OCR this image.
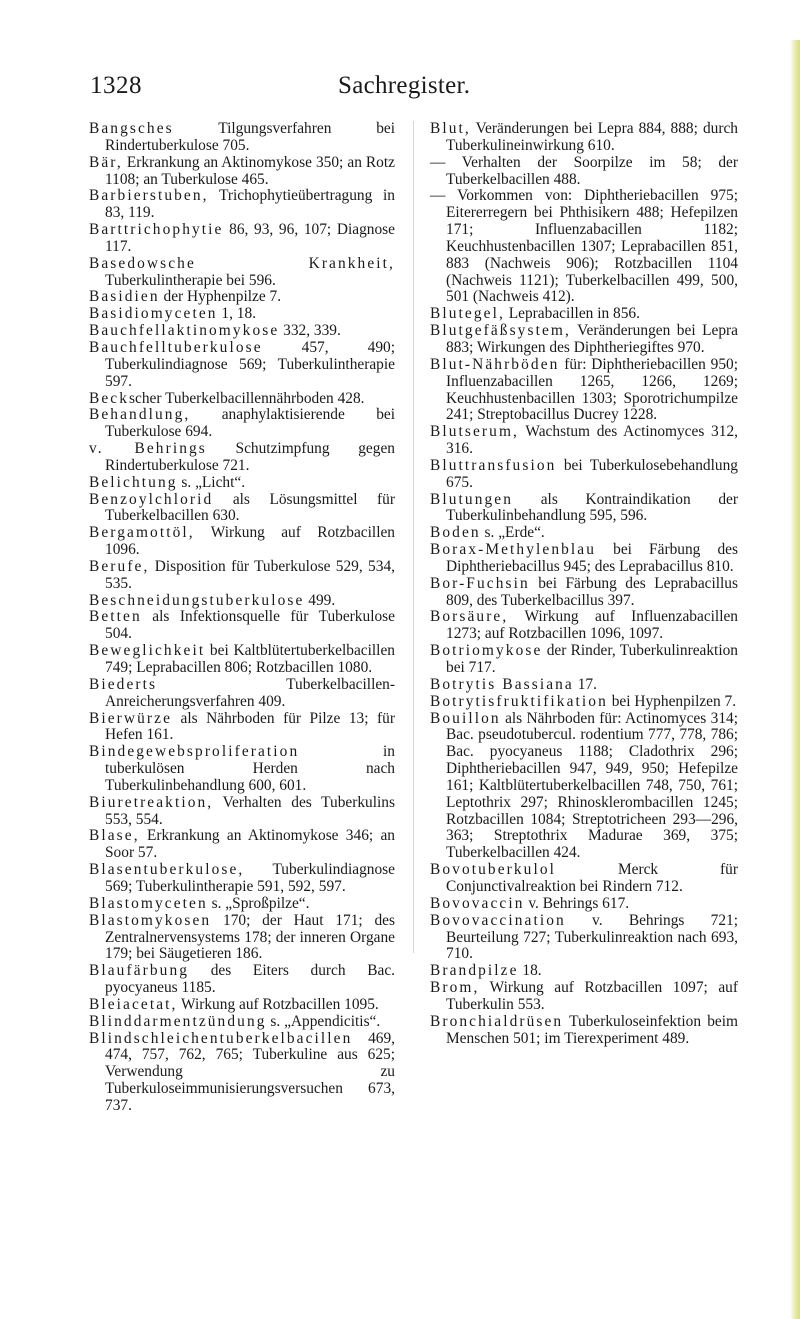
1328	Sachregister.

Bangsches Tilgungsverfahren bei Rindertuberkulose 705.

Bär, Erkrankung an Aktinomykose 350; an Rotz 1108; an Tuberkulose 465.

Barbierstuben, Trichophytieübertragung in 83, 119.

Barttrichophytie 86, 93, 96, 107; Diagnose 117.

Basedowsche Krankheit, Tuberkulintherapie bei 596.

Basidien der Hyphenpilze 7.

Basidiomyceten 1, 18.

Bauchfellaktinomykose 332, 339.

Bauchfelltuberkulose 457, 490; Tuberkulindiagnose 569; Tuberkulintherapie 597.

Beckscher Tuberkelbacillennährboden 428.

Behandlung, anaphylaktisierende bei Tuberkulose 694.

v. Behrings Schutzimpfung gegen Rindertuberkulose 721.

Belichtung s. „Licht“.

Benzoylchlorid als Lösungsmittel für Tuberkelbacillen 630.

Bergamottöl, Wirkung auf Rotzbacillen 1096.

Berufe, Disposition für Tuberkulose 529, 534, 535.

Beschneidungstuberkulose 499.

Betten als Infektionsquelle für Tuberkulose 504.

Beweglichkeit bei Kaltblütertuberkelbacillen 749; Leprabacillen 806; Rotzbacillen 1080.

Biederts Tuberkelbacillen-Anreicherungsverfahren 409.

Bierwürze als Nährboden für Pilze 13; für Hefen 161.

Bindegewebsproliferation in tuberkulösen Herden nach Tuberkulinbehandlung 600, 601.

Biuretreaktion, Verhalten des Tuberkulins 553, 554.

Blase, Erkrankung an Aktinomykose 346; an Soor 57.

Blasentuberkulose, Tuberkulindiagnose 569; Tuberkulintherapie 591, 592, 597.

Blastomyceten s. „Sproßpilze“.

Blastomykosen 170; der Haut 171; des Zentralnervensystems 178; der inneren Organe 179; bei Säugetieren 186.

Blaufärbung des Eiters durch Bac. pyocyaneus 1185.

Bleiacetat, Wirkung auf Rotzbacillen 1095.

Blinddarmentzündung s. „Appendicitis“.

Blindschleichentuberkelbacillen 469, 474, 757, 762, 765; Tuberkuline aus 625; Verwendung zu Tuberkuloseimmunisierungsversuchen 673, 737.

Blut, Veränderungen bei Lepra 884, 888; durch Tuberkulineinwirkung 610.

— Verhalten der Soorpilze im 58; der Tuberkelbacillen 488.

— Vorkommen von: Diphtheriebacillen 975; Eitererregern bei Phthisikern 488; Hefepilzen 171; Influenzabacillen 1182; Keuchhustenbacillen 1307; Leprabacillen 851, 883 (Nachweis 906); Rotzbacillen 1104 (Nachweis 1121); Tuberkelbacillen 499, 500, 501 (Nachweis 412).

Blutegel, Leprabacillen in 856.

Blutgefäßsystem, Veränderungen bei Lepra 883; Wirkungen des Diphtheriegiftes 970.

Blut-Nährböden für: Diphtheriebacillen 950; Influenzabacillen 1265, 1266, 1269; Keuchhustenbacillen 1303; Sporotrichumpilze 241; Streptobacillus Ducrey 1228.

Blutserum, Wachstum des Actinomyces 312, 316.

Bluttransfusion bei Tuberkulosebehandlung 675.

Blutungen als Kontraindikation der Tuberkulinbehandlung 595, 596.

Boden s. „Erde“.

Borax-Methylenblau bei Färbung des Diphtheriebacillus 945; des Leprabacillus 810.

Bor-Fuchsin bei Färbung des Leprabacillus 809, des Tuberkelbacillus 397.

Borsäure, Wirkung auf Influenzabacillen 1273; auf Rotzbacillen 1096, 1097.

Botriomykose der Rinder, Tuberkulinreaktion bei 717.

Botrytis Bassiana 17.

Botrytisfruktifikation bei Hyphenpilzen 7.

Bouillon als Nährboden für: Actinomyces 314; Bac. pseudotubercul. rodentium 777, 778, 786; Bac. pyocyaneus 1188; Cladothrix 296; Diphtheriebacillen 947, 949, 950; Hefepilze 161; Kaltblütertuberkelbacillen 748, 750, 761; Leptothrix 297; Rhinosklerombacillen 1245; Rotzbacillen 1084; Streptotricheen 293—296, 363; Streptothrix Madurae 369, 375; Tuberkelbacillen 424.

Bovotuberkulol Merck für Conjunctivalreaktion bei Rindern 712.

Bovovaccin v. Behrings 617.

Bovovaccination v. Behrings 721; Beurteilung 727; Tuberkulinreaktion nach 693, 710.

Brandpilze 18.

Brom, Wirkung auf Rotzbacillen 1097; auf Tuberkulin 553.

Bronchialdrüsen Tuberkuloseinfektion beim Menschen 501; im Tierexperiment 489.
